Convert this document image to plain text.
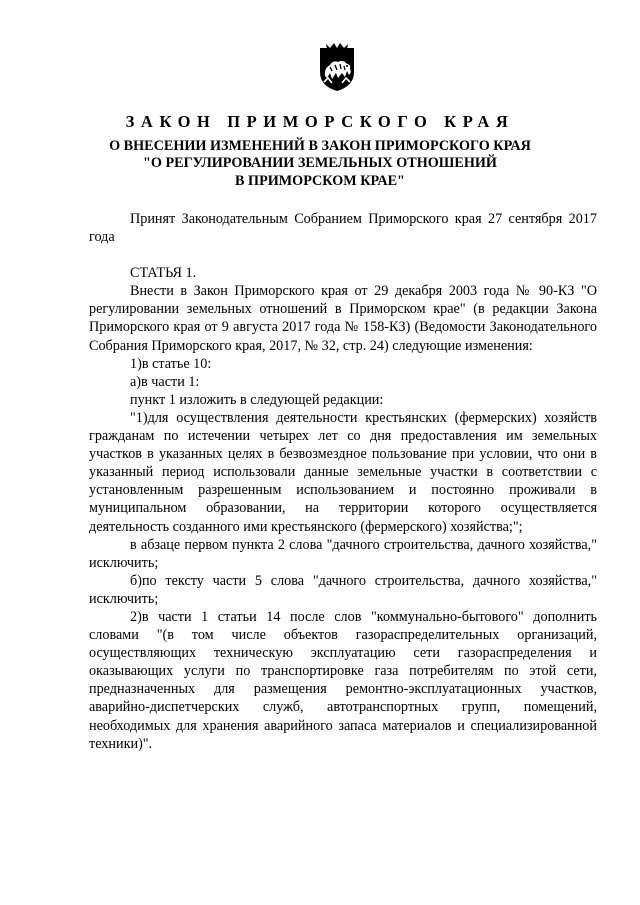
ЗАКОН ПРИМОРСКОГО КРАЯ
О ВНЕСЕНИИ ИЗМЕНЕНИЙ В ЗАКОН ПРИМОРСКОГО КРАЯ
"О РЕГУЛИРОВАНИИ ЗЕМЕЛЬНЫХ ОТНОШЕНИЙ
В ПРИМОРСКОМ КРАЕ"

Принят Законодательным Собранием Приморского края 27 сентября 2017 года

СТАТЬЯ 1.

Внести в Закон Приморского края от 29 декабря 2003 года № 90-КЗ "О регулировании земельных отношений в Приморском крае" (в редакции Закона Приморского края от 9 августа 2017 года № 158-КЗ) (Ведомости Законодательного Собрания Приморского края, 2017, № 32, стр. 24) следующие изменения:

1)в статье 10:

а)в части 1:

пункт 1 изложить в следующей редакции:

"1)для осуществления деятельности крестьянских (фермерских) хозяйств гражданам по истечении четырех лет со дня предоставления им земельных участков в указанных целях в безвозмездное пользование при условии, что они в указанный период использовали данные земельные участки в соответствии с установленным разрешенным использованием и постоянно проживали в муниципальном образовании, на территории которого осуществляется деятельность созданного ими крестьянского (фермерского) хозяйства;";

в абзаце первом пункта 2 слова "дачного строительства, дачного хозяйства," исключить;

б)по тексту части 5 слова "дачного строительства, дачного хозяйства," исключить;

2)в части 1 статьи 14 после слов "коммунально-бытового" дополнить словами "(в том числе объектов газораспределительных организаций, осуществляющих техническую эксплуатацию сети газораспределения и оказывающих услуги по транспортировке газа потребителям по этой сети, предназначенных для размещения ремонтно-эксплуатационных участков, аварийно-диспетчерских служб, автотранспортных групп, помещений, необходимых для хранения аварийного запаса материалов и специализированной техники)".
